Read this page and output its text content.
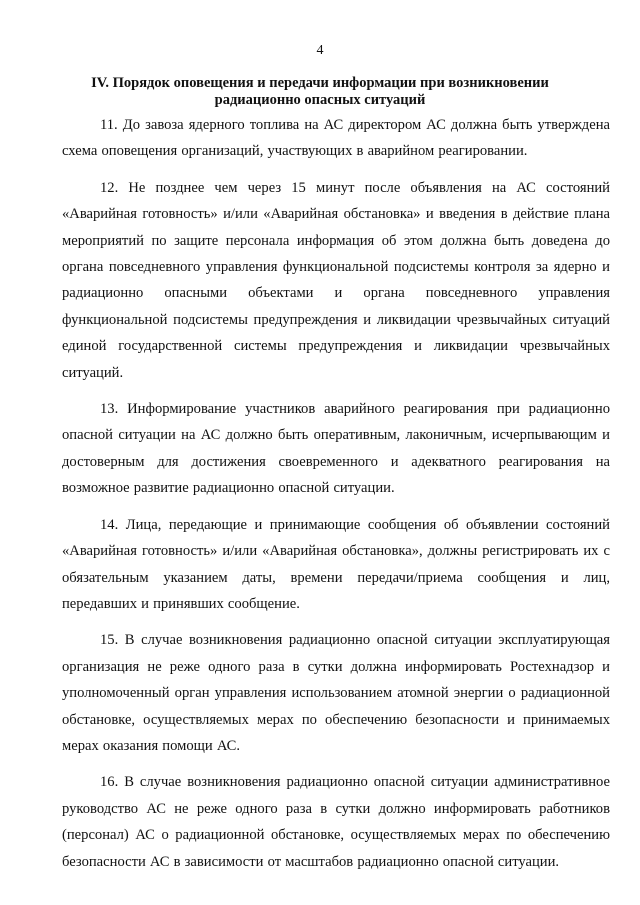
4
IV. Порядок оповещения и передачи информации при возникновении радиационно опасных ситуаций

11. До завоза ядерного топлива на АС директором АС должна быть утверждена схема оповещения организаций, участвующих в аварийном реагировании.

12. Не позднее чем через 15 минут после объявления на АС состояний «Аварийная готовность» и/или «Аварийная обстановка» и введения в действие плана мероприятий по защите персонала информация об этом должна быть доведена до органа повседневного управления функциональной подсистемы контроля за ядерно и радиационно опасными объектами и органа повседневного управления функциональной подсистемы предупреждения и ликвидации чрезвычайных ситуаций единой государственной системы предупреждения и ликвидации чрезвычайных ситуаций.

13. Информирование участников аварийного реагирования при радиационно опасной ситуации на АС должно быть оперативным, лаконичным, исчерпывающим и достоверным для достижения своевременного и адекватного реагирования на возможное развитие радиационно опасной ситуации.

14. Лица, передающие и принимающие сообщения об объявлении состояний «Аварийная готовность» и/или «Аварийная обстановка», должны регистрировать их с обязательным указанием даты, времени передачи/приема сообщения и лиц, передавших и принявших сообщение.

15. В случае возникновения радиационно опасной ситуации эксплуатирующая организация не реже одного раза в сутки должна информировать Ростехнадзор и уполномоченный орган управления использованием атомной энергии о радиационной обстановке, осуществляемых мерах по обеспечению безопасности и принимаемых мерах оказания помощи АС.

16. В случае возникновения радиационно опасной ситуации административное руководство АС не реже одного раза в сутки должно информировать работников (персонал) АС о радиационной обстановке, осуществляемых мерах по обеспечению безопасности АС в зависимости от масштабов радиационно опасной ситуации.
